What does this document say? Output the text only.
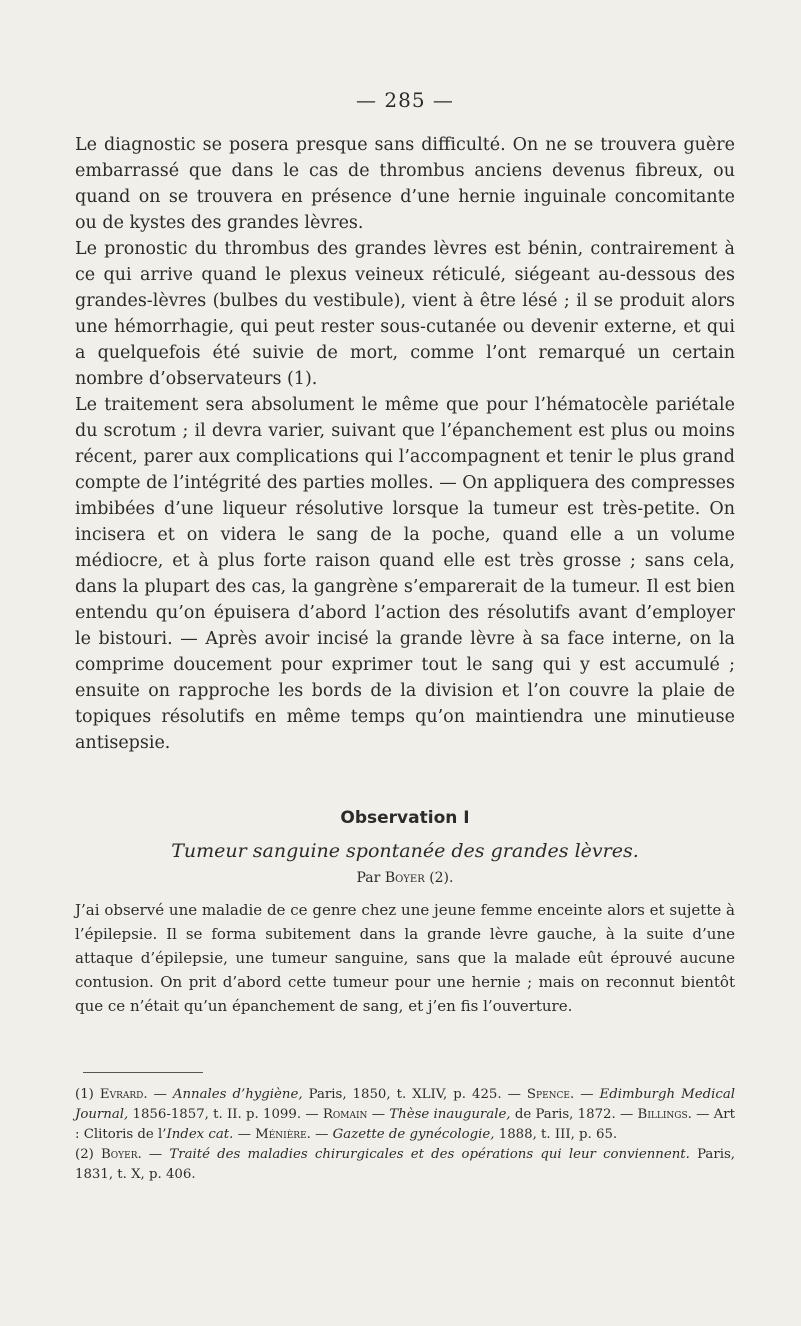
— 285 —

Le diagnostic se posera presque sans difficulté. On ne se trouvera guère embarrassé que dans le cas de thrombus anciens devenus fibreux, ou quand on se trouvera en présence d’une hernie inguinale concomitante ou de kystes des grandes lèvres.

Le pronostic du thrombus des grandes lèvres est bénin, contrairement à ce qui arrive quand le plexus veineux réticulé, siégeant au-dessous des grandes-lèvres (bulbes du vestibule), vient à être lésé ; il se produit alors une hémorrhagie, qui peut rester sous-cutanée ou devenir externe, et qui a quelquefois été suivie de mort, comme l’ont remarqué un certain nombre d’observateurs (1).

Le traitement sera absolument le même que pour l’hématocèle pariétale du scrotum ; il devra varier, suivant que l’épanchement est plus ou moins récent, parer aux complications qui l’accompagnent et tenir le plus grand compte de l’intégrité des parties molles. — On appliquera des compresses imbibées d’une liqueur résolutive lorsque la tumeur est très-petite. On incisera et on videra le sang de la poche, quand elle a un volume médiocre, et à plus forte raison quand elle est très grosse ; sans cela, dans la plupart des cas, la gangrène s’emparerait de la tumeur. Il est bien entendu qu’on épuisera d’abord l’action des résolutifs avant d’employer le bistouri. — Après avoir incisé la grande lèvre à sa face interne, on la comprime doucement pour exprimer tout le sang qui y est accumulé ; ensuite on rapproche les bords de la division et l’on couvre la plaie de topiques résolutifs en même temps qu’on maintiendra une minutieuse antisepsie.

Observation I
Tumeur sanguine spontanée des grandes lèvres.
Par Boyer (2).

J’ai observé une maladie de ce genre chez une jeune femme enceinte alors et sujette à l’épilepsie. Il se forma subitement dans la grande lèvre gauche, à la suite d’une attaque d’épilepsie, une tumeur sanguine, sans que la malade eût éprouvé aucune contusion. On prit d’abord cette tumeur pour une hernie ; mais on reconnut bientôt que ce n’était qu’un épanchement de sang, et j’en fis l’ouverture.

(1) Evrard. — Annales d’hygiène, Paris, 1850, t. XLIV, p. 425. — Spence. — Edimburgh Medical Journal, 1856-1857, t. II. p. 1099. — Romain — Thèse inaugurale, de Paris, 1872. — Billings. — Art : Clitoris de l’Index cat. — Ménière. — Gazette de gynécologie, 1888, t. III, p. 65.

(2) Boyer. — Traité des maladies chirurgicales et des opérations qui leur conviennent. Paris, 1831, t. X, p. 406.
